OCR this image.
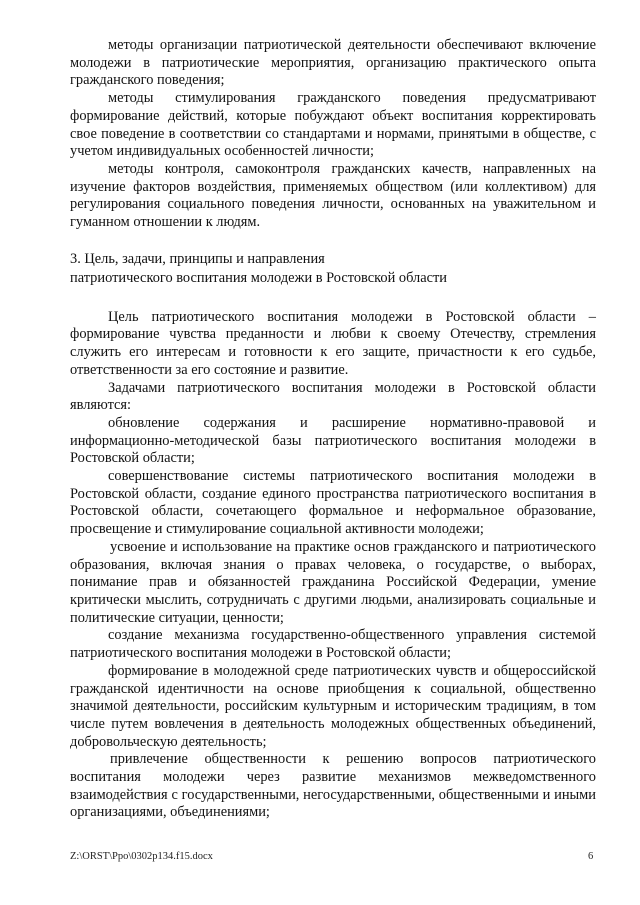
методы организации патриотической деятельности обеспечивают включение молодежи в патриотические мероприятия, организацию практического опыта гражданского поведения;

методы стимулирования гражданского поведения предусматривают формирование действий, которые побуждают объект воспитания корректировать свое поведение в соответствии со стандартами и нормами, принятыми в обществе, с учетом индивидуальных особенностей личности;

методы контроля, самоконтроля гражданских качеств, направленных на изучение факторов воздействия, применяемых обществом (или коллективом) для регулирования социального поведения личности, основанных на уважительном и гуманном отношении к людям.

3. Цель, задачи, принципы и направления
патриотического воспитания молодежи в Ростовской области

Цель патриотического воспитания молодежи в Ростовской области – формирование чувства преданности и любви к своему Отечеству, стремления служить его интересам и готовности к его защите, причастности к его судьбе, ответственности за его состояние и развитие.

Задачами патриотического воспитания молодежи в Ростовской области являются:

обновление содержания и расширение нормативно-правовой и информационно-методической базы патриотического воспитания молодежи в Ростовской области;

совершенствование системы патриотического воспитания молодежи в Ростовской области, создание единого пространства патриотического воспитания в Ростовской области, сочетающего формальное и неформальное образование, просвещение и стимулирование социальной активности молодежи;

усвоение и использование на практике основ гражданского и патриотического образования, включая знания о правах человека, о государстве, о выборах, понимание прав и обязанностей гражданина Российской Федерации, умение критически мыслить, сотрудничать с другими людьми, анализировать социальные и политические ситуации, ценности;

создание механизма государственно-общественного управления системой патриотического воспитания молодежи в Ростовской области;

формирование в молодежной среде патриотических чувств и общероссийской гражданской идентичности на основе приобщения к социальной, общественно значимой деятельности, российским культурным и историческим традициям, в том числе путем вовлечения в деятельность молодежных общественных объединений, добровольческую деятельность;

привлечение общественности к решению вопросов патриотического воспитания молодежи через развитие механизмов межведомственного взаимодействия с государственными, негосударственными, общественными и иными организациями, объединениями;

Z:\ORST\Ppo\0302p134.f15.docx	6
